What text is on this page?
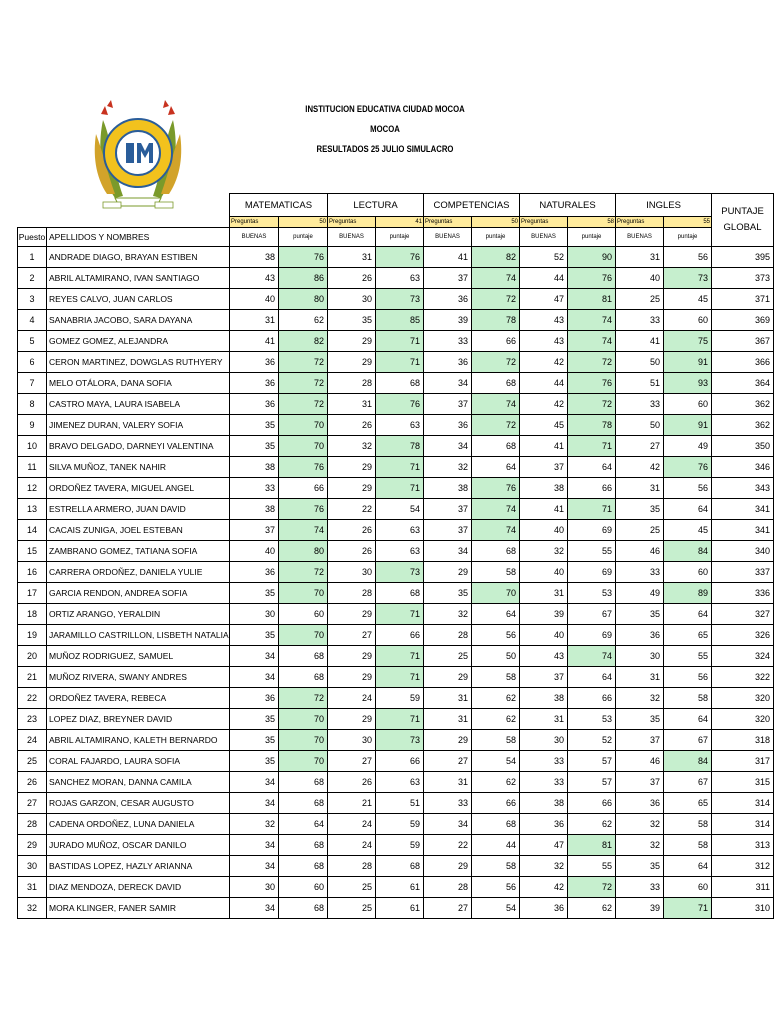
INSTITUCION EDUCATIVA CIUDAD MOCOA
MOCOA
RESULTADOS 25 JULIO SIMULACRO
		MATEMATICAS		LECTURA		COMPETENCIAS		NATURALES		INGLES		PUNTAJE
GLOBAL

		Preguntas	50	Preguntas	41	Preguntas	50	Preguntas	58	Preguntas	55	
Puesto	APELLIDOS Y NOMBRES	BUENAS	puntaje	BUENAS	puntaje	BUENAS	puntaje	BUENAS	puntaje	BUENAS	puntaje	
1	ANDRADE DIAGO, BRAYAN ESTIBEN	38	76	31	76	41	82	52	90	31	56	395
2	ABRIL ALTAMIRANO, IVAN SANTIAGO	43	86	26	63	37	74	44	76	40	73	373
3	REYES CALVO, JUAN CARLOS	40	80	30	73	36	72	47	81	25	45	371
4	SANABRIA JACOBO, SARA DAYANA	31	62	35	85	39	78	43	74	33	60	369
5	GOMEZ GOMEZ, ALEJANDRA	41	82	29	71	33	66	43	74	41	75	367
6	CERON MARTINEZ, DOWGLAS RUTHYERY	36	72	29	71	36	72	42	72	50	91	366
7	MELO OTÁLORA, DANA SOFIA	36	72	28	68	34	68	44	76	51	93	364
8	CASTRO MAYA, LAURA ISABELA	36	72	31	76	37	74	42	72	33	60	362
9	JIMENEZ DURAN, VALERY SOFIA	35	70	26	63	36	72	45	78	50	91	362
10	BRAVO DELGADO, DARNEYI VALENTINA	35	70	32	78	34	68	41	71	27	49	350
11	SILVA MUÑOZ, TANEK NAHIR	38	76	29	71	32	64	37	64	42	76	346
12	ORDOÑEZ TAVERA, MIGUEL ANGEL	33	66	29	71	38	76	38	66	31	56	343
13	ESTRELLA ARMERO, JUAN DAVID	38	76	22	54	37	74	41	71	35	64	341
14	CACAIS ZUNIGA, JOEL ESTEBAN	37	74	26	63	37	74	40	69	25	45	341
15	ZAMBRANO GOMEZ, TATIANA SOFIA	40	80	26	63	34	68	32	55	46	84	340
16	CARRERA ORDOÑEZ, DANIELA YULIE	36	72	30	73	29	58	40	69	33	60	337
17	GARCIA RENDON, ANDREA SOFIA	35	70	28	68	35	70	31	53	49	89	336
18	ORTIZ ARANGO, YERALDIN	30	60	29	71	32	64	39	67	35	64	327
19	JARAMILLO CASTRILLON, LISBETH NATALIA	35	70	27	66	28	56	40	69	36	65	326
20	MUÑOZ RODRIGUEZ, SAMUEL	34	68	29	71	25	50	43	74	30	55	324
21	MUÑOZ RIVERA, SWANY ANDRES	34	68	29	71	29	58	37	64	31	56	322
22	ORDOÑEZ TAVERA, REBECA	36	72	24	59	31	62	38	66	32	58	320
23	LOPEZ DIAZ, BREYNER DAVID	35	70	29	71	31	62	31	53	35	64	320
24	ABRIL ALTAMIRANO, KALETH BERNARDO	35	70	30	73	29	58	30	52	37	67	318
25	CORAL FAJARDO, LAURA SOFIA	35	70	27	66	27	54	33	57	46	84	317
26	SANCHEZ MORAN, DANNA CAMILA	34	68	26	63	31	62	33	57	37	67	315
27	ROJAS GARZON, CESAR AUGUSTO	34	68	21	51	33	66	38	66	36	65	314
28	CADENA ORDOÑEZ, LUNA DANIELA	32	64	24	59	34	68	36	62	32	58	314
29	JURADO MUÑOZ, OSCAR DANILO	34	68	24	59	22	44	47	81	32	58	313
30	BASTIDAS LOPEZ, HAZLY ARIANNA	34	68	28	68	29	58	32	55	35	64	312
31	DIAZ MENDOZA, DERECK DAVID	30	60	25	61	28	56	42	72	33	60	311
32	MORA KLINGER, FANER SAMIR	34	68	25	61	27	54	36	62	39	71	310
